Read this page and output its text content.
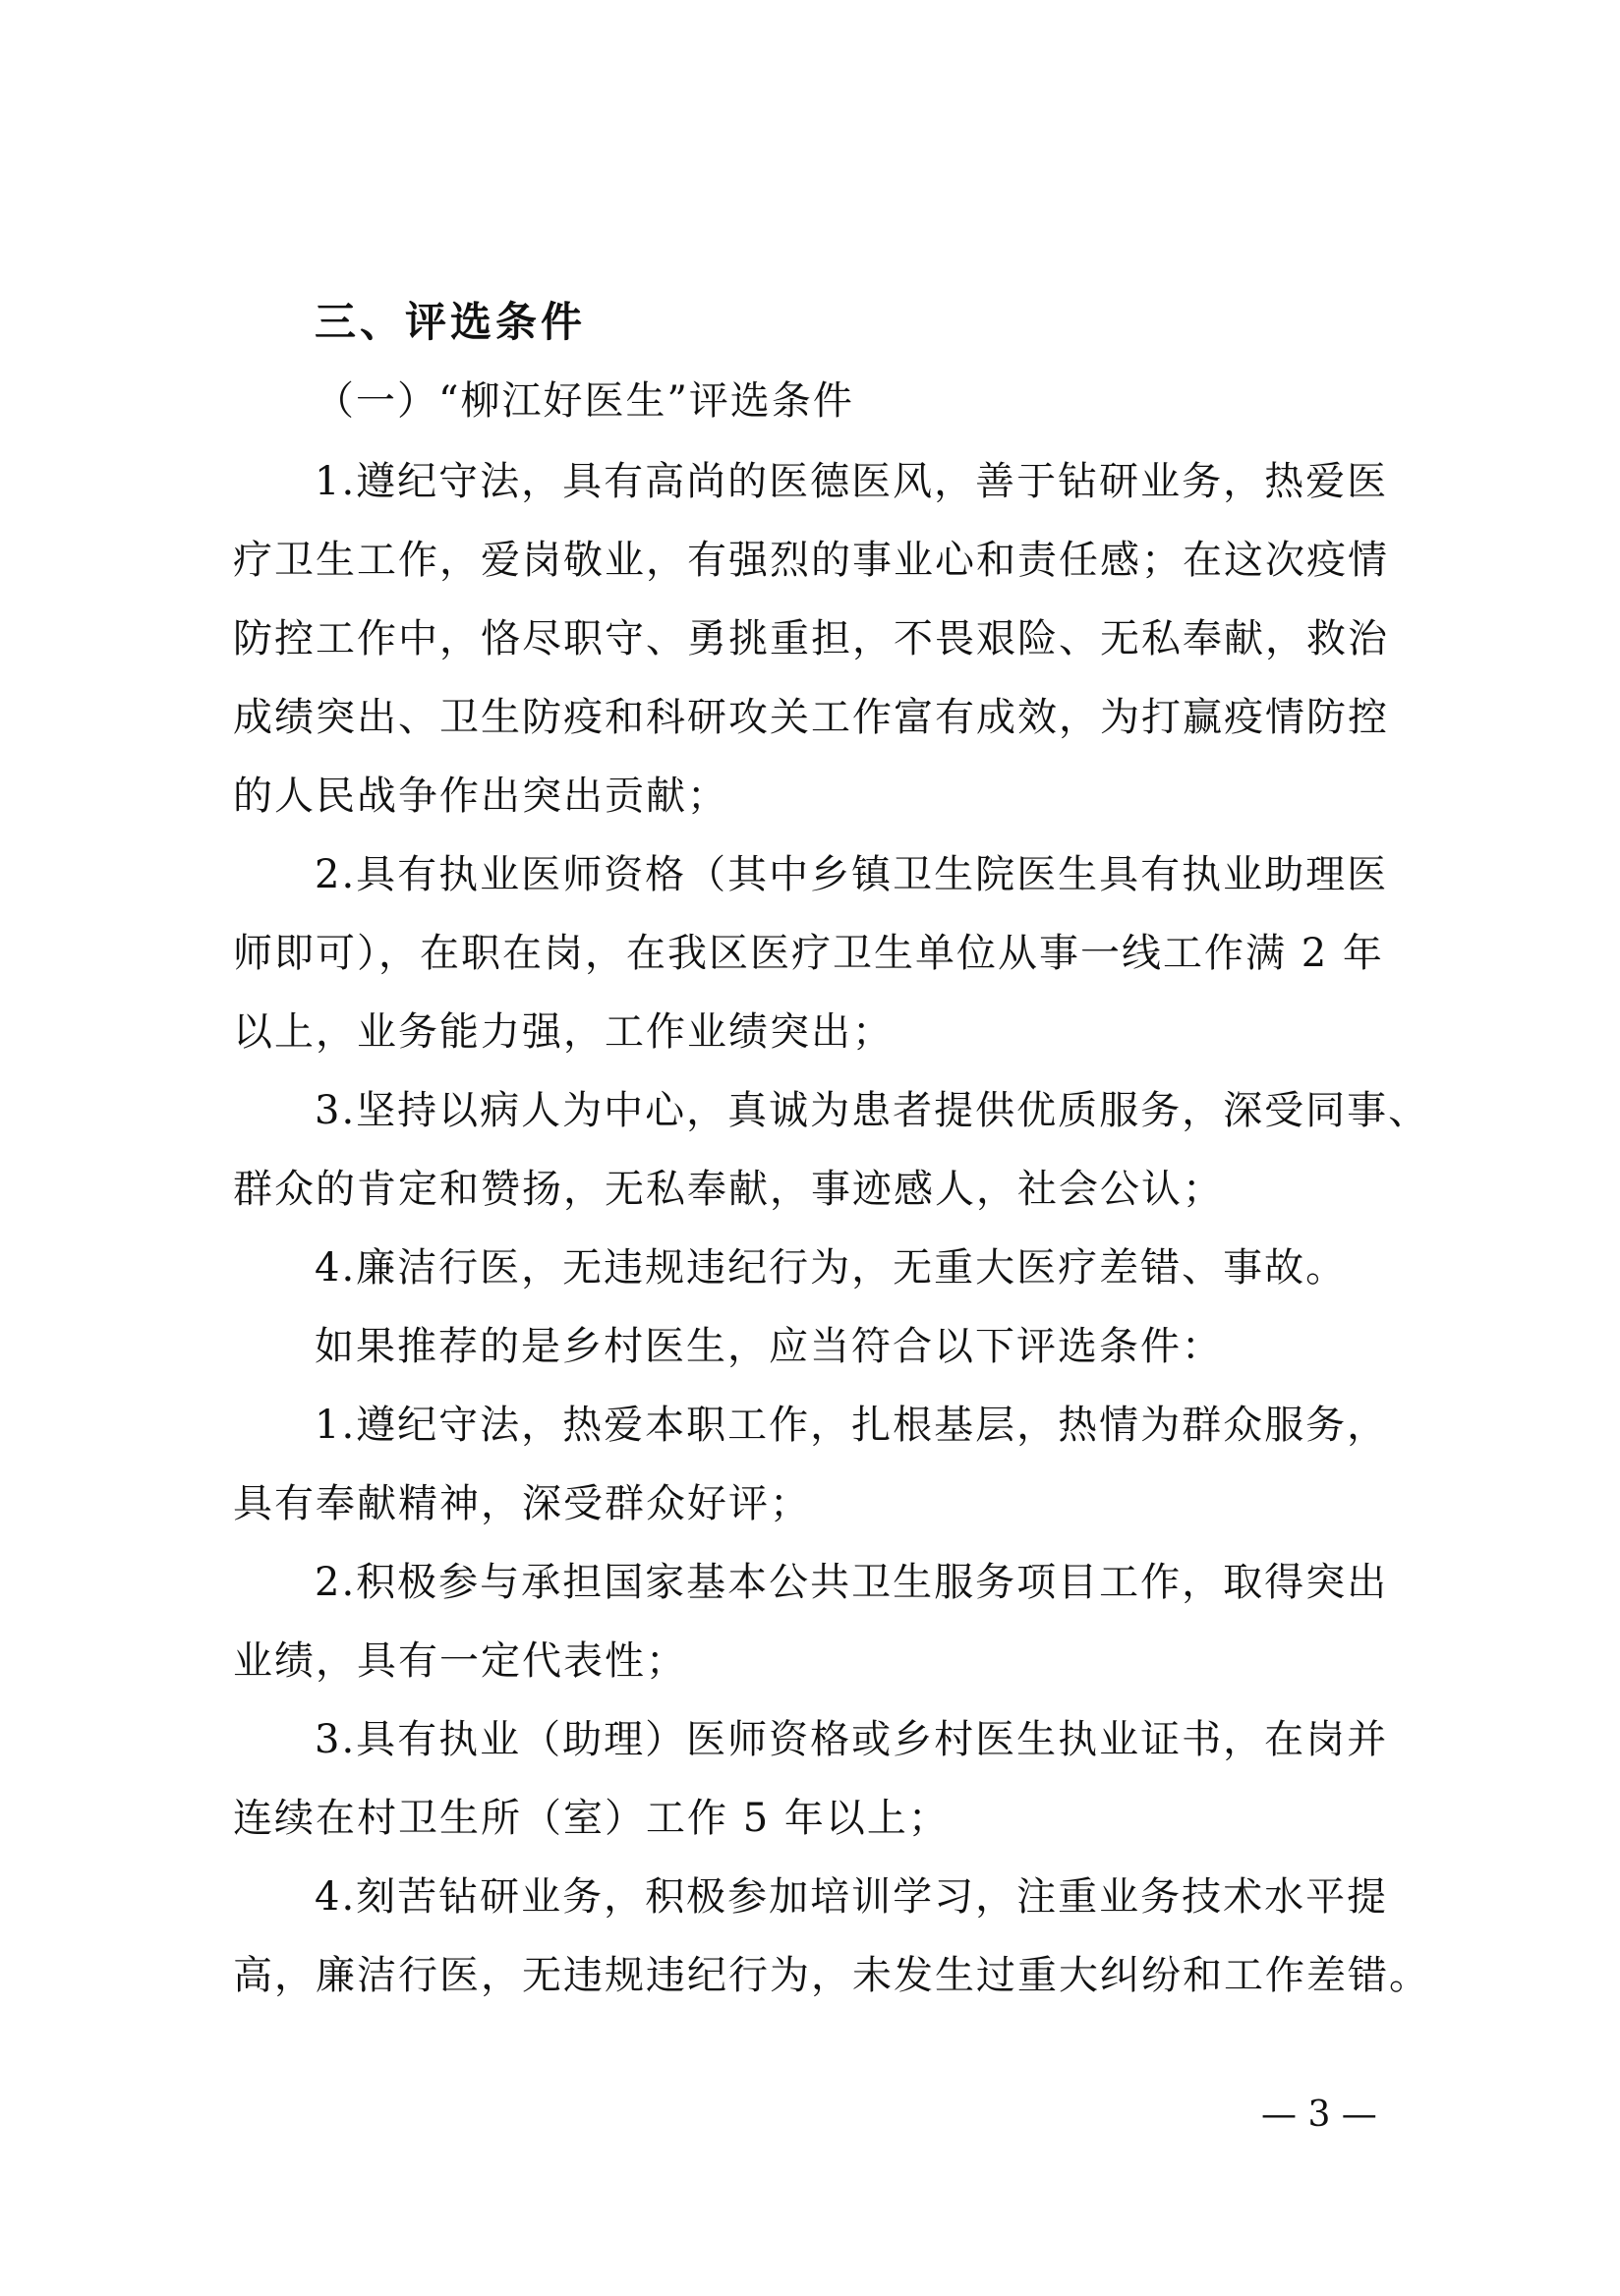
三、评选条件
（一）“柳江好医生”评选条件
1.遵纪守法，具有高尚的医德医风，善于钻研业务，热爱医
疗卫生工作，爱岗敬业，有强烈的事业心和责任感；在这次疫情
防控工作中，恪尽职守、勇挑重担，不畏艰险、无私奉献，救治
成绩突出、卫生防疫和科研攻关工作富有成效，为打赢疫情防控
的人民战争作出突出贡献；
2.具有执业医师资格（其中乡镇卫生院医生具有执业助理医
师即可），在职在岗，在我区医疗卫生单位从事一线工作满 2 年
以上，业务能力强，工作业绩突出；
3.坚持以病人为中心，真诚为患者提供优质服务，深受同事、
群众的肯定和赞扬，无私奉献，事迹感人，社会公认；
4.廉洁行医，无违规违纪行为，无重大医疗差错、事故。
如果推荐的是乡村医生，应当符合以下评选条件：
1.遵纪守法，热爱本职工作，扎根基层，热情为群众服务，
具有奉献精神，深受群众好评；
2.积极参与承担国家基本公共卫生服务项目工作，取得突出
业绩，具有一定代表性；
3.具有执业（助理）医师资格或乡村医生执业证书，在岗并
连续在村卫生所（室）工作 5 年以上；
4.刻苦钻研业务，积极参加培训学习，注重业务技术水平提
高，廉洁行医，无违规违纪行为，未发生过重大纠纷和工作差错。
— 3 —
